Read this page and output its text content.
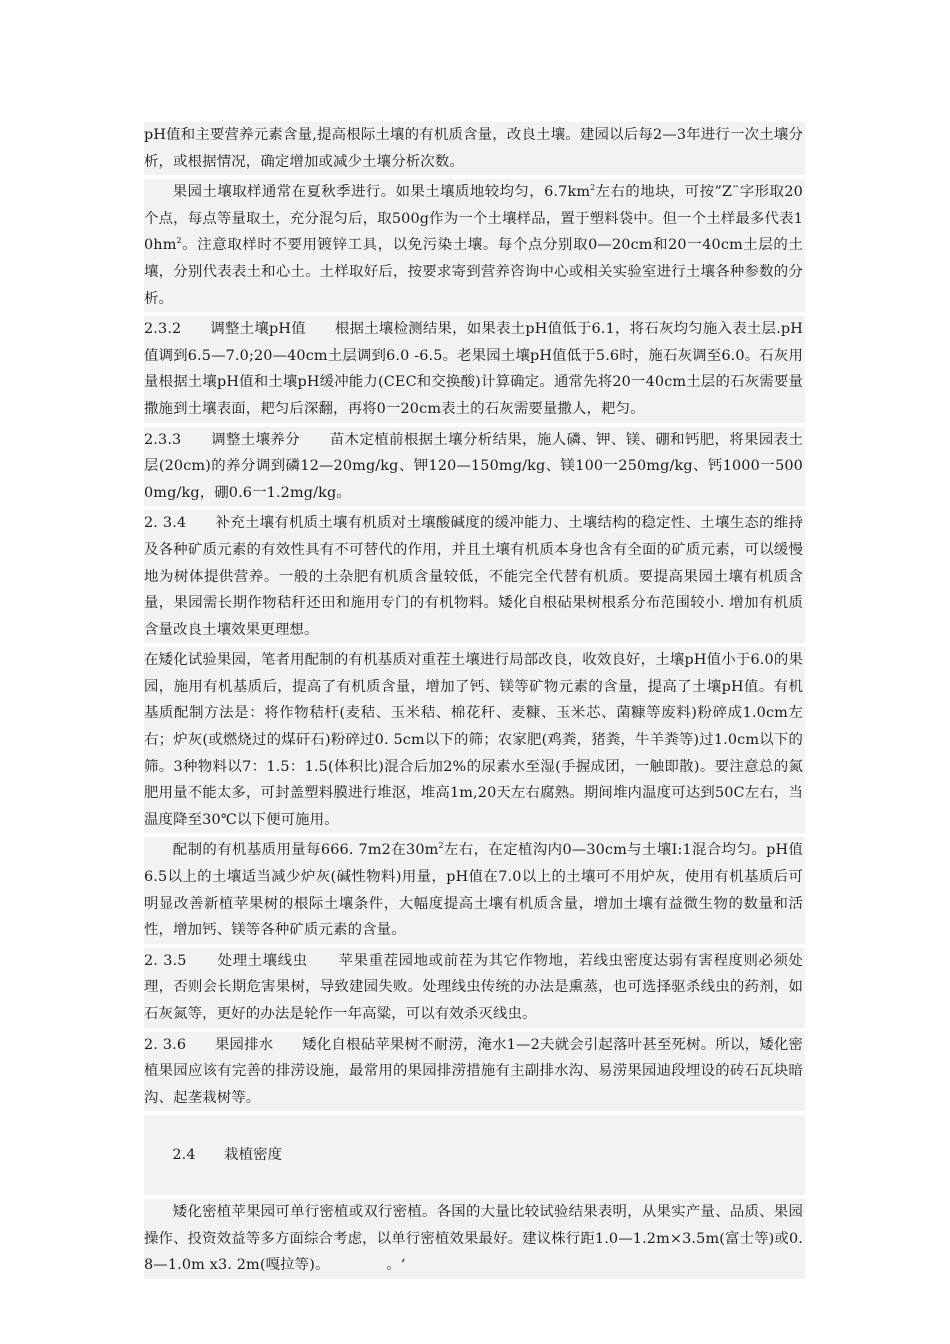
pH值和主要营养元素含量,提高根际土壤的有机质含量，改良土壤。建园以后每2—3年进行一次土壤分析，或根据情况，确定增加或减少土壤分析次数。

果园土壤取样通常在夏秋季进行。如果土壤质地较均匀，$6.7km^2$左右的地块，可按”Z¨字形取20个点，每点等量取土，充分混匀后，取500g作为一个土壤样品，置于塑料袋中。但一个土样最多代表$10hm^2$。注意取样时不要用镀锌工具，以免污染土壤。每个点分别取0—20cm和20一40cm土层的土壤，分别代表表土和心土。土样取好后，按要求寄到营养咨询中心或相关实验室进行土壤各种参数的分析。

2.3.2      调整土壤pH值      根据土壤检测结果，如果表土pH值低于6.1，将石灰均匀施入表土层.pH值调到6.5—7.0;20—40cm土层调到6.0 -6.5。老果园土壤pH值低于5.6时，施石灰调至6.0。石灰用量根据土壤pH值和土壤pH缓冲能力(CEC和交换酸)计算确定。通常先将20一40cm土层的石灰需要量撒施到土壤表面，耙匀后深翻，再将0一20cm表土的石灰需要量撒人，耙匀。

2.3.3      调整土壤养分      苗木定植前根据土壤分析结果，施人磷、钾、镁、硼和钙肥，将果园表土层(20cm)的养分调到磷12—20mg/kg、钾120—150mg/kg、镁100一250mg/kg、钙1000一5000mg/kg，硼0.6一1.2mg/kg。

2. 3.4      补充土壤有机质土壤有机质对土壤酸碱度的缓冲能力、土壤结构的稳定性、土壤生态的维持及各种矿质元素的有效性具有不可替代的作用，并且土壤有机质本身也含有全面的矿质元素，可以缓慢地为树体提供营养。一般的土杂肥有机质含量较低，不能完全代替有机质。要提高果园土壤有机质含量，果园需长期作物秸秆还田和施用专门的有机物料。矮化自根砧果树根系分布范围较小. 增加有机质含量改良土壤效果更理想。

在矮化试验果园，笔者用配制的有机基质对重茬土壤进行局部改良，收效良好，土壤pH值小于6.0的果园，施用有机基质后，提高了有机质含量，增加了钙、镁等矿物元素的含量，提高了土壤pH值。有机基质配制方法是：将作物秸杆(麦秸、玉米秸、棉花秆、麦糠、玉米芯、菌糠等废料)粉碎成1.0cm左右；炉灰(或燃烧过的煤矸石)粉碎过0. 5cm以下的筛；农家肥(鸡粪，猪粪，牛羊粪等)过1.0cm以下的筛。3种物料以7：1.5：1.5(体积比)混合后加2%的尿素水至湿(手握成团，一触即散)。要注意总的氮肥用量不能太多，可封盖塑料膜进行堆沤，堆高1m,20天左右腐熟。期间堆内温度可达到50C左右，当温度降至30℃以下便可施用。

配制的有机基质用量每666. 7m2在$30m^2$左右，在定植沟内0—30cm与土壤I:1混合均匀。pH值6.5以上的土壤适当减少炉灰(碱性物料)用量，pH值在7.0以上的土壤可不用炉灰，使用有机基质后可明显改善新植苹果树的根际土壤条件，大幅度提高土壤有机质含量，增加土壤有益微生物的数量和活性，增加钙、镁等各种矿质元素的含量。

2. 3.5      处理土壤线虫      苹果重茬园地或前茬为其它作物地，若线虫密度达弱有害程度则必须处理，否则会长期危害果树，导致建园失败。处理线虫传统的办法是熏蒸，也可选择驱杀线虫的药剂，如石灰氮等，更好的办法是轮作一年高粱，可以有效杀灭线虫。

2. 3.6      果园排水      矮化自根砧苹果树不耐涝，淹水1—2夫就会引起落叶甚至死树。所以，矮化密植果园应该有完善的排涝设施，最常用的果园排涝措施有主副排水沟、易涝果园迪段埋设的砖石瓦块暗沟、起垄栽树等。

2.4      栽植密度

矮化密植苹果园可单行密植或双行密植。各国的大量比较试验结果表明，从果实产量、品质、果园操作、投资效益等多方面综合考虑，以单行密植效果最好。建议株行距1.0—1.2m×3.5m(富士等)或0.8—1.0m x3. 2m(嘎拉等)。            。‘
